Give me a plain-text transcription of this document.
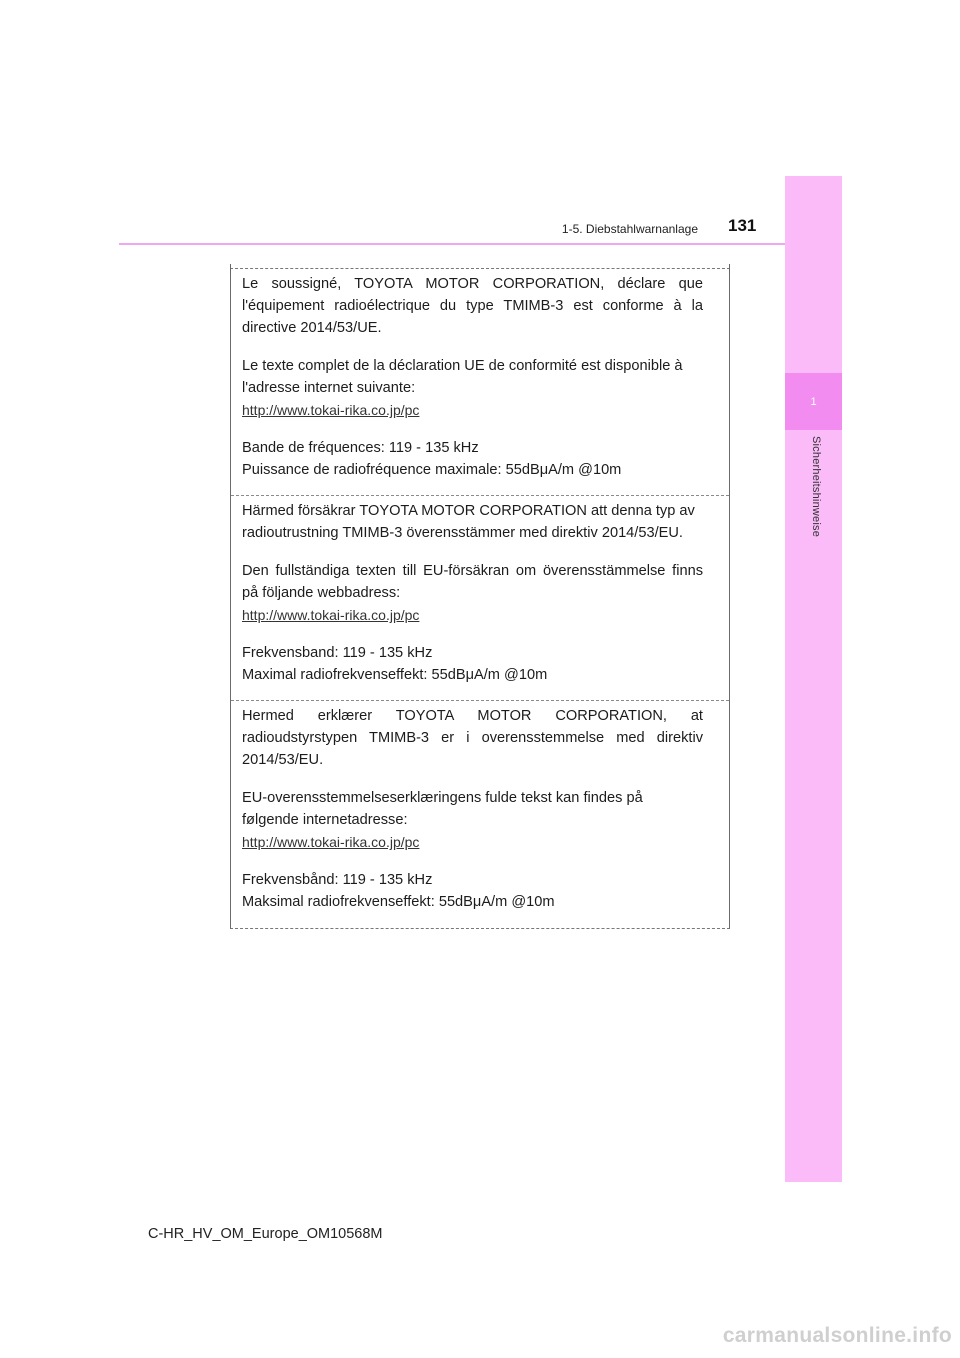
1-5. Diebstahlwarnanlage 131
1
Sicherheitshinweise

Le soussigné, TOYOTA MOTOR CORPORATION, déclare que l'équipement radioélectrique du type TMIMB-3 est conforme à la directive 2014/53/UE.

Le texte complet de la déclaration UE de conformité est disponible à l'adresse internet suivante:

http://www.tokai-rika.co.jp/pc

Bande de fréquences: 119 - 135 kHz

Puissance de radiofréquence maximale: 55dBμA/m @10m

Härmed försäkrar TOYOTA MOTOR CORPORATION att denna typ av radioutrustning TMIMB-3 överensstämmer med direktiv 2014/53/EU.

Den fullständiga texten till EU-försäkran om överensstämmelse finns på följande webbadress:

http://www.tokai-rika.co.jp/pc

Frekvensband: 119 - 135 kHz

Maximal radiofrekvenseffekt: 55dBμA/m @10m

Hermed erklærer TOYOTA MOTOR CORPORATION, at radioudstyrstypen TMIMB-3 er i overensstemmelse med direktiv 2014/53/EU.

EU-overensstemmelseserklæringens fulde tekst kan findes på følgende internetadresse:

http://www.tokai-rika.co.jp/pc

Frekvensbånd: 119 - 135 kHz

Maksimal radiofrekvenseffekt: 55dBμA/m @10m

C-HR_HV_OM_Europe_OM10568M
carmanualsonline.info
